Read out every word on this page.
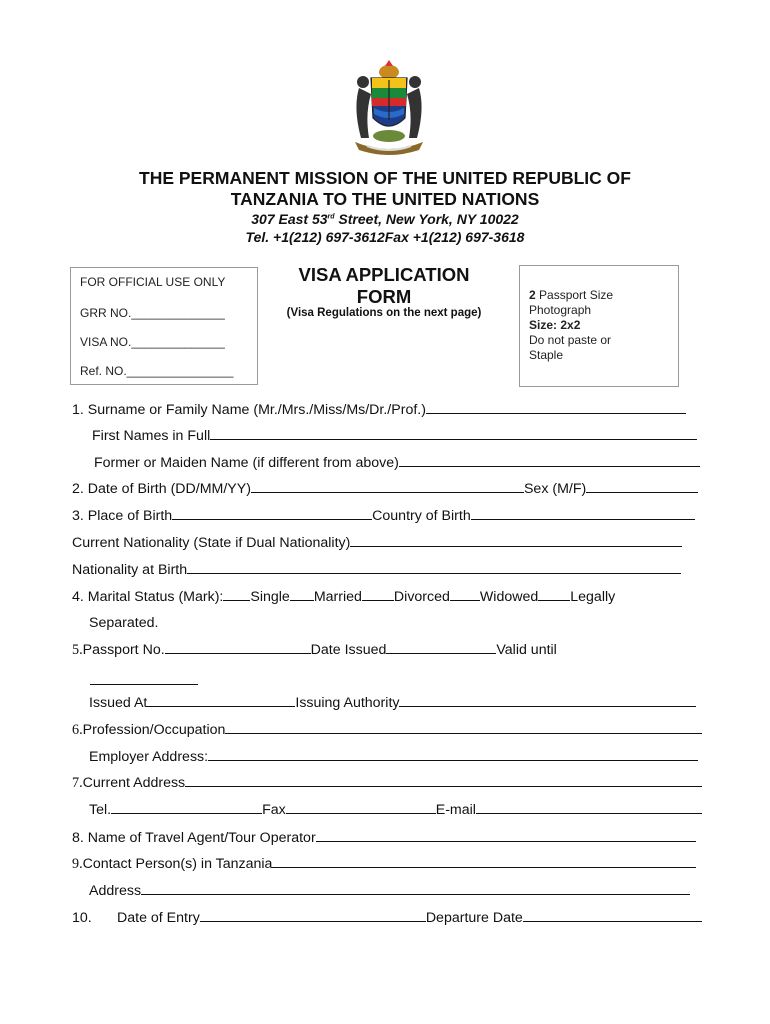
THE PERMANENT MISSION OF THE UNITED REPUBLIC OF
TANZANIA TO THE UNITED NATIONS
307 East 53rd Street, New York, NY 10022
Tel. +1(212) 697-3612Fax +1(212) 697-3618
FOR OFFICIAL USE ONLY
GRR NO.______________
VISA NO.______________
Ref. NO.________________
VISA APPLICATION
FORM
(Visa Regulations on the next page)
2 Passport Size
Photograph
Size: 2x2
Do not paste or
Staple
1. Surname or Family Name (Mr./Mrs./Miss/Ms/Dr./Prof.)
First Names in Full
Former or Maiden Name (if different from above)
2. Date of Birth (DD/MM/YY)	Sex (M/F)
3. Place of Birth	Country of Birth
Current Nationality (State if Dual Nationality)
Nationality at Birth
4. Marital Status (Mark): Single Married Divorced Widowed Legally
Separated.
5. Passport No.	Date Issued	Valid until
Issued At	Issuing Authority
6. Profession/Occupation
Employer Address:
7. Current Address
Tel.	Fax	E-mail
8. Name of Travel Agent/Tour Operator
9. Contact Person(s) in Tanzania
Address
10.	Date of Entry	Departure Date
